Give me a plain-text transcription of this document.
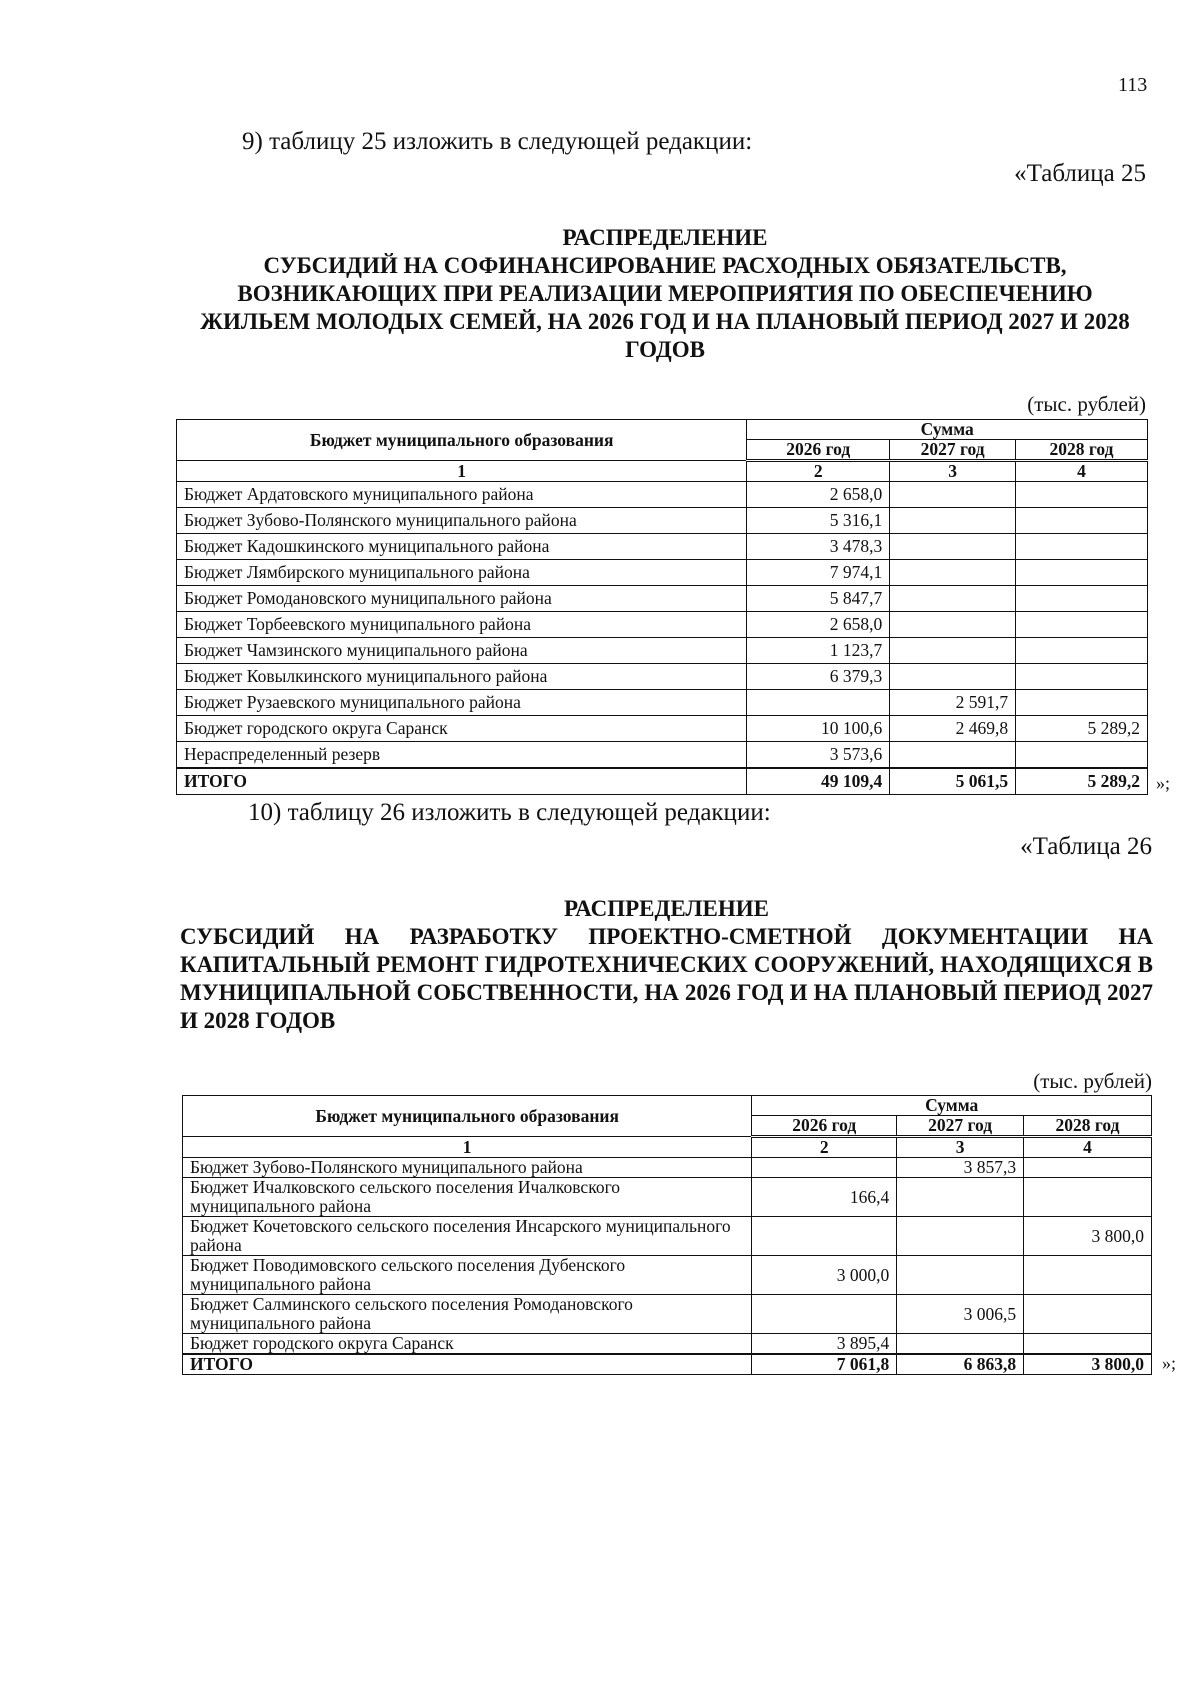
113
9) таблицу 25 изложить в следующей редакции:
«Таблица 25
РАСПРЕДЕЛЕНИЕ
СУБСИДИЙ НА СОФИНАНСИРОВАНИЕ РАСХОДНЫХ ОБЯЗАТЕЛЬСТВ, ВОЗНИКАЮЩИХ ПРИ РЕАЛИЗАЦИИ МЕРОПРИЯТИЯ ПО ОБЕСПЕЧЕНИЮ ЖИЛЬЕМ МОЛОДЫХ СЕМЕЙ, НА 2026 ГОД И НА ПЛАНОВЫЙ ПЕРИОД 2027 И 2028 ГОДОВ
(тыс. рублей)
Бюджет муниципального образования	Сумма		
	2026 год	2027 год	2028 год
1	2	3	4
Бюджет Ардатовского муниципального района	2 658,0		
Бюджет Зубово-Полянского муниципального района	5 316,1		
Бюджет Кадошкинского муниципального района	3 478,3		
Бюджет Лямбирского муниципального района	7 974,1		
Бюджет Ромодановского муниципального района	5 847,7		
Бюджет Торбеевского муниципального района	2 658,0		
Бюджет Чамзинского муниципального района	1 123,7		
Бюджет Ковылкинского муниципального района	6 379,3		
Бюджет Рузаевского муниципального района		2 591,7	
Бюджет городского округа Саранск	10 100,6	2 469,8	5 289,2
Нераспределенный резерв	3 573,6		
ИТОГО	49 109,4	5 061,5	5 289,2 »;
10) таблицу 26 изложить в следующей редакции:
«Таблица 26
РАСПРЕДЕЛЕНИЕ
СУБСИДИЙ НА РАЗРАБОТКУ ПРОЕКТНО-СМЕТНОЙ ДОКУМЕНТАЦИИ НА КАПИТАЛЬНЫЙ РЕМОНТ ГИДРОТЕХНИЧЕСКИХ СООРУЖЕНИЙ, НАХОДЯЩИХСЯ В МУНИЦИПАЛЬНОЙ СОБСТВЕННОСТИ, НА 2026 ГОД И НА ПЛАНОВЫЙ ПЕРИОД 2027 И 2028 ГОДОВ
(тыс. рублей)
Бюджет муниципального образования	Сумма		
	2026 год	2027 год	2028 год
1	2	3	4
Бюджет Зубово-Полянского муниципального района		3 857,3	
Бюджет Ичалковского сельского поселения Ичалковского муниципального района	166,4		
Бюджет Кочетовского сельского поселения Инсарского муниципального района			3 800,0
Бюджет Поводимовского сельского поселения Дубенского муниципального района	3 000,0		
Бюджет Салминского сельского поселения Ромодановского муниципального района		3 006,5	
Бюджет городского округа Саранск	3 895,4		
ИТОГО	7 061,8	6 863,8	3 800,0 »;
